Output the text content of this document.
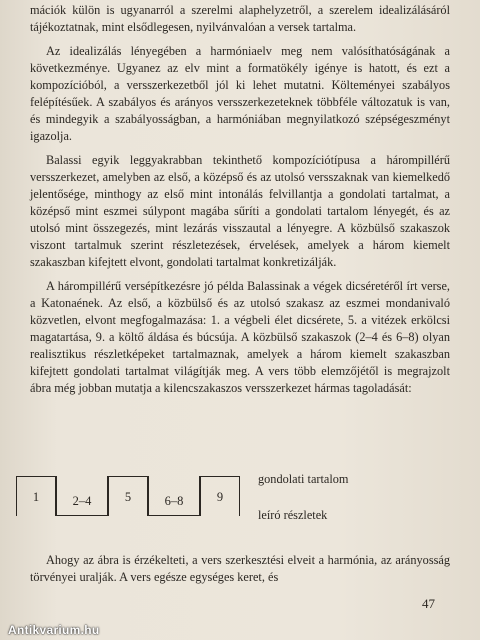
mációk külön is ugyanarról a szerelmi alaphelyzetről, a szerelem idealizálásáról tájékoztatnak, mint elsődlegesen, nyilvánvalóan a versek tartalma.

Az idealizálás lényegében a harmóniaelv meg nem valósíthatóságának a következménye. Ugyanez az elv mint a formatökély igénye is hatott, és ezt a kompozícióból, a versszerkezetből jól ki lehet mutatni. Költeményei szabályos felépítésűek. A szabályos és arányos versszerkezeteknek többféle változatuk is van, és mindegyik a szabályosságban, a harmóniában megnyilatkozó szépségeszményt igazolja.

Balassi egyik leggyakrabban tekinthető kompozíciótípusa a hárompillérű versszerkezet, amelyben az első, a középső és az utolsó versszaknak van kiemelkedő jelentősége, minthogy az első mint intonálás felvillantja a gondolati tartalmat, a középső mint eszmei súlypont magába sűríti a gondolati tartalom lényegét, és az utolsó mint összegezés, mint lezárás visszautal a lényegre. A közbülső szakaszok viszont tartalmuk szerint részletezések, érvelések, amelyek a három kiemelt szakaszban kifejtett elvont, gondolati tartalmat konkretizálják.

A hárompillérű versépítkezésre jó példa Balassinak a végek dicséretéről írt verse, a Katonaének. Az első, a közbülső és az utolsó szakasz az eszmei mondanivaló közvetlen, elvont megfogalmazása: 1. a végbeli élet dicsérete, 5. a vitézek erkölcsi magatartása, 9. a költő áldása és búcsúja. A közbülső szakaszok (2–4 és 6–8) olyan realisztikus részletképeket tartalmaznak, amelyek a három kiemelt szakaszban kifejtett gondolati tartalmat világítják meg. A vers több elemzőjétől is megrajzolt ábra még jobban mutatja a kilencszakaszos versszerkezet hármas tagoladását:

1	2–4	5	6–8	9
gondolati tartalom
leíró részletek

Ahogy az ábra is érzékelteti, a vers szerkesztési elveit a harmónia, az arányosság törvényei uralják. A vers egésze egységes keret, és

47
Antikvarium.hu
